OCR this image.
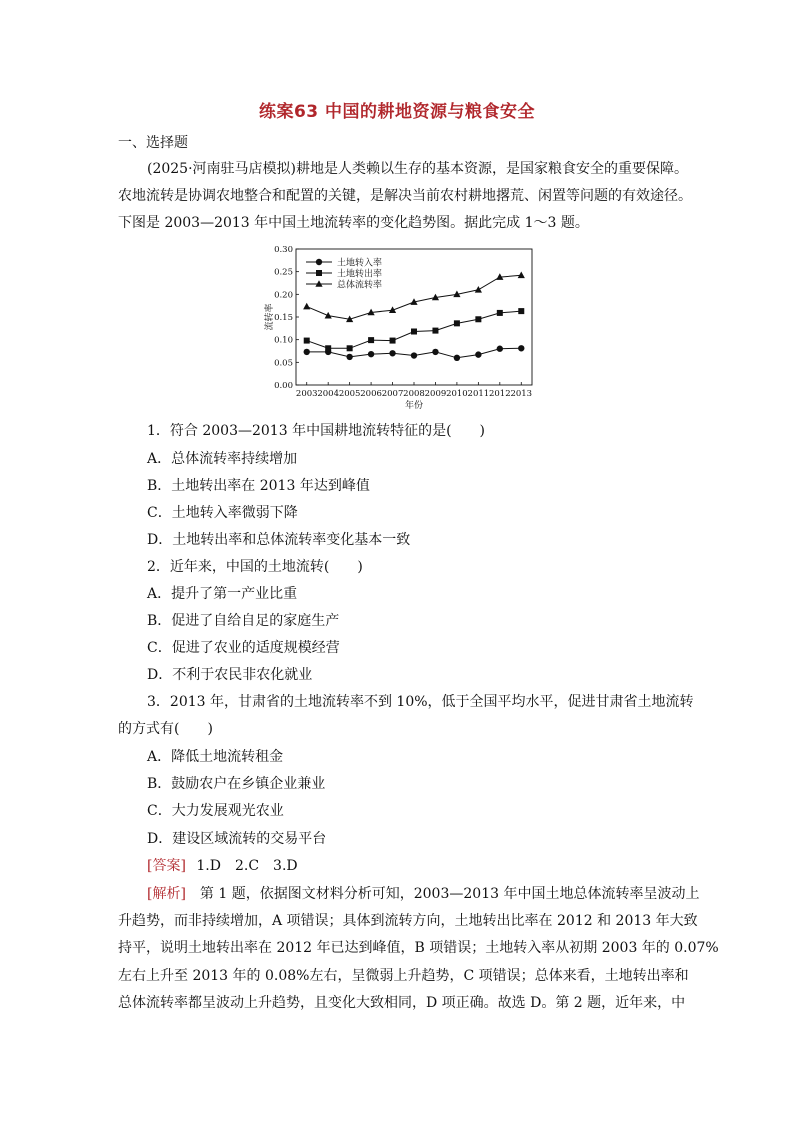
练案63 中国的耕地资源与粮食安全
一、选择题
(2025·河南驻马店模拟)耕地是人类赖以生存的基本资源，是国家粮食安全的重要保障。
农地流转是协调农地整合和配置的关键，是解决当前农村耕地撂荒、闲置等问题的有效途径。
下图是 2003—2013 年中国土地流转率的变化趋势图。据此完成 1～3 题。
0.00
0.05
0.10
0.15
0.20
0.25
0.30
2003 2004 2005 2006 2007 2008 2009 2010 2011 2012 2013
年份
流转率
土地转入率
土地转出率
总体流转率
1．符合 2003—2013 年中国耕地流转特征的是(　　)
A．总体流转率持续增加
B．土地转出率在 2013 年达到峰值
C．土地转入率微弱下降
D．土地转出率和总体流转率变化基本一致
2．近年来，中国的土地流转(　　)
A．提升了第一产业比重
B．促进了自给自足的家庭生产
C．促进了农业的适度规模经营
D．不利于农民非农化就业
3．2013 年，甘肃省的土地流转率不到 10%，低于全国平均水平，促进甘肃省土地流转
的方式有(　　)
A．降低土地流转租金
B．鼓励农户在乡镇企业兼业
C．大力发展观光农业
D．建设区域流转的交易平台
[答案] 1.D　2.C　3.D
[解析]　第 1 题，依据图文材料分析可知，2003—2013 年中国土地总体流转率呈波动上
升趋势，而非持续增加，A 项错误；具体到流转方向，土地转出比率在 2012 和 2013 年大致
持平，说明土地转出率在 2012 年已达到峰值，B 项错误；土地转入率从初期 2003 年的 0.07%
左右上升至 2013 年的 0.08%左右，呈微弱上升趋势，C 项错误；总体来看，土地转出率和
总体流转率都呈波动上升趋势，且变化大致相同，D 项正确。故选 D。第 2 题，近年来，中
